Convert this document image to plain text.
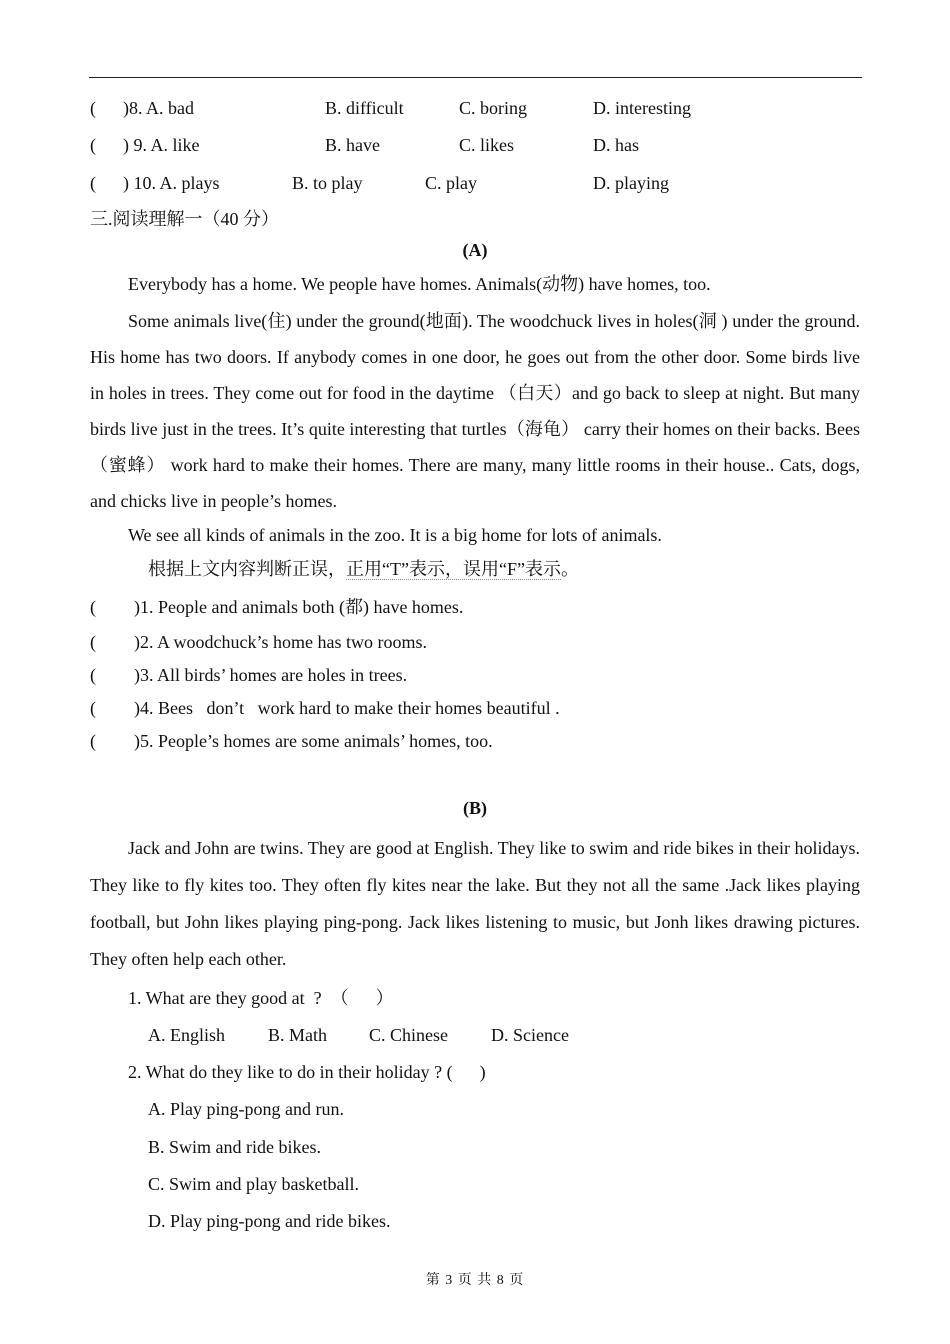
(      )8. A. bad	B. difficult	C. boring	D. interesting
(      ) 9. A. like	B. have	C. likes	D. has
(      ) 10. A. plays	B. to play	C. play	D. playing
三.阅读理解一（40 分）
(A)

Everybody has a home. We people have homes. Animals(动物) have homes, too.

Some animals live(住) under the ground(地面). The woodchuck lives in holes(洞 ) under the ground. His home has two doors. If anybody comes in one door, he goes out from the other door. Some birds live in holes in trees. They come out for food in the daytime （白天）and go back to sleep at night. But many birds live just in the trees. It’s quite interesting that turtles（海龟） carry their homes on their backs. Bees（蜜蜂） work hard to make their homes. There are many, many little rooms in their house.. Cats, dogs, and chicks live in people’s homes.

We see all kinds of animals in the zoo. It is a big home for lots of animals.

根据上文内容判断正误，正用“T”表示，误用“F”表示。
( )1. People and animals both (都) have homes.
( )2. A woodchuck’s home has two rooms.
( )3. All birds’ homes are holes in trees.
( )4. Bees   don’t   work hard to make their homes beautiful .
( )5. People’s homes are some animals’ homes, too.
(B)

Jack and John are twins. They are good at English. They like to swim and ride bikes in their holidays. They like to fly kites too. They often fly kites near the lake. But they not all the same .Jack likes playing football, but John likes playing ping-pong. Jack likes listening to music, but Jonh likes drawing pictures. They often help each other.

1. What are they good at  ?  （      ）
A. English B. Math C. Chinese D. Science
2. What do they like to do in their holiday ? (      )
A. Play ping-pong and run.
B. Swim and ride bikes.
C. Swim and play basketball.
D. Play ping-pong and ride bikes.
第 3 页 共 8 页
